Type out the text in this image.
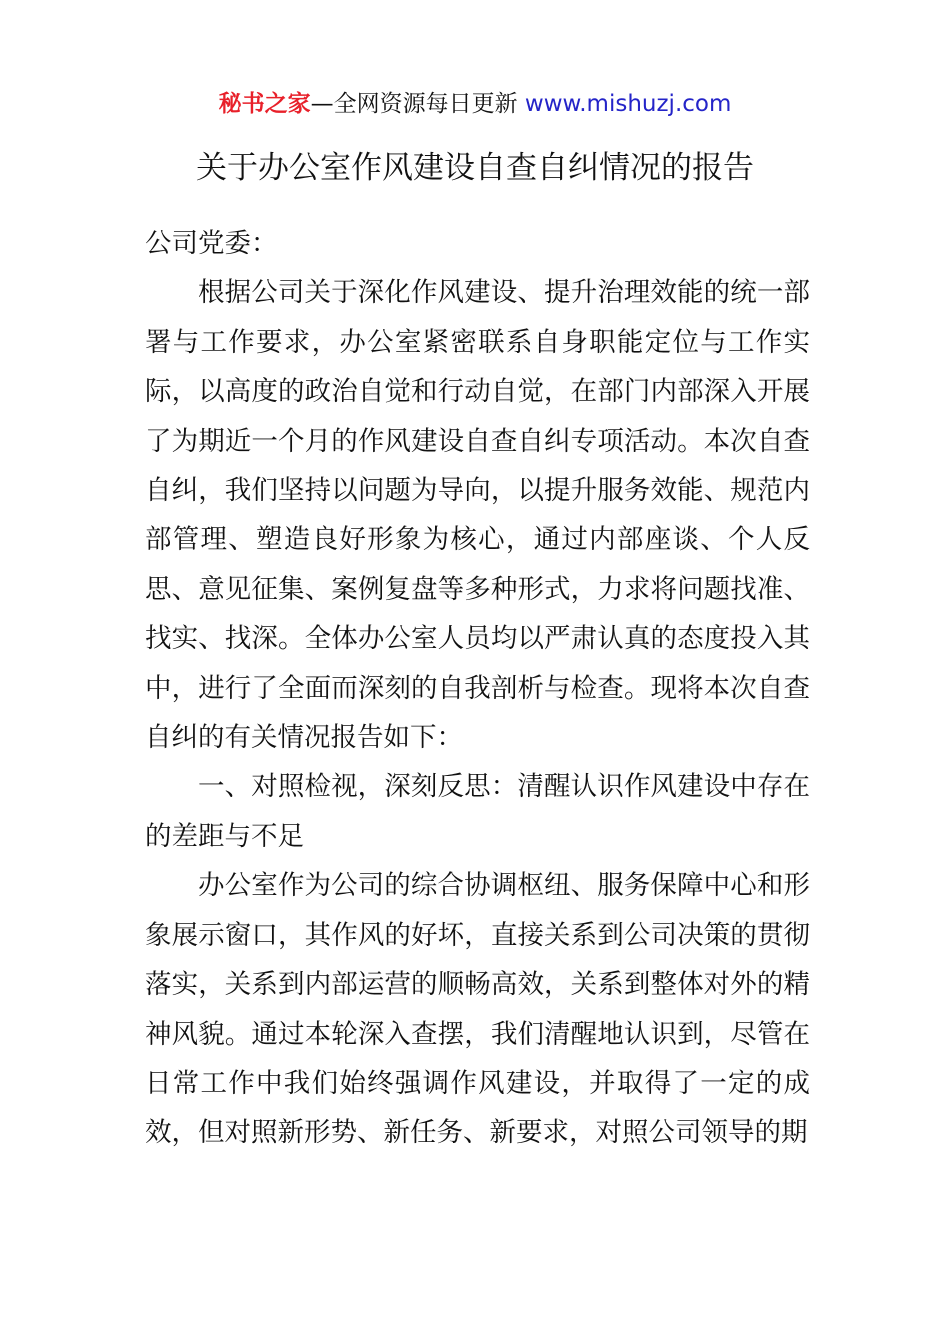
秘书之家—全网资源每日更新 www.mishuzj.com
关于办公室作风建设自查自纠情况的报告

公司党委：

根据公司关于深化作风建设、提升治理效能的统一部署与工作要求，办公室紧密联系自身职能定位与工作实际，以高度的政治自觉和行动自觉，在部门内部深入开展了为期近一个月的作风建设自查自纠专项活动。本次自查自纠，我们坚持以问题为导向，以提升服务效能、规范内部管理、塑造良好形象为核心，通过内部座谈、个人反思、意见征集、案例复盘等多种形式，力求将问题找准、找实、找深。全体办公室人员均以严肃认真的态度投入其中，进行了全面而深刻的自我剖析与检查。现将本次自查自纠的有关情况报告如下：

一、对照检视，深刻反思：清醒认识作风建设中存在的差距与不足

办公室作为公司的综合协调枢纽、服务保障中心和形象展示窗口，其作风的好坏，直接关系到公司决策的贯彻落实，关系到内部运营的顺畅高效，关系到整体对外的精神风貌。通过本轮深入查摆，我们清醒地认识到，尽管在日常工作中我们始终强调作风建设，并取得了一定的成效，但对照新形势、新任务、新要求，对照公司领导的期
